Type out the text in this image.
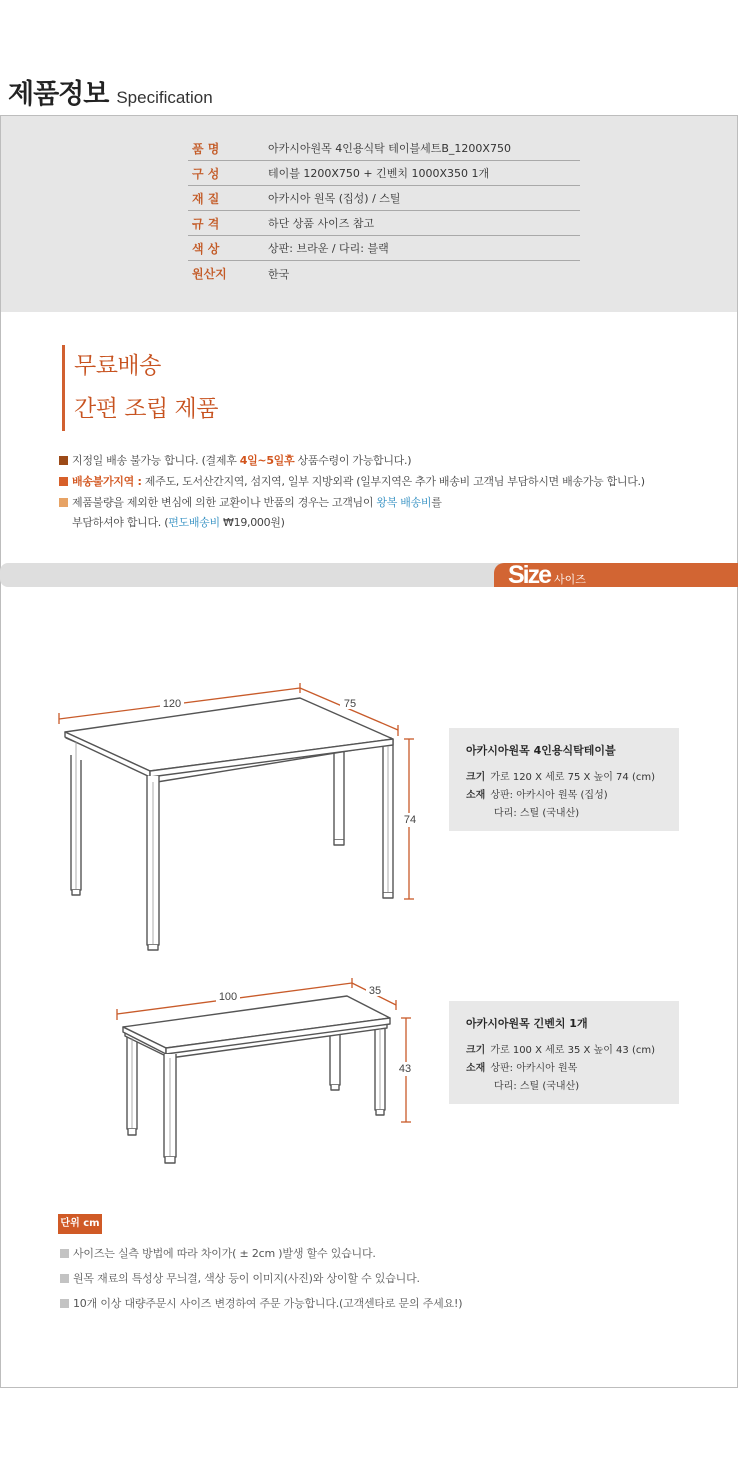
제품정보 Specification
품 명	아카시아원목 4인용식탁 테이블세트B_1200X750
구 성	테이블 1200X750 + 긴벤치 1000X350 1개
재 질	아카시아 원목 (집성) / 스틸
규 격	하단 상품 사이즈 참고
색 상	상판: 브라운 / 다리: 블랙
원산지	한국
무료배송
간편 조립 제품
지정일 배송 불가능 합니다. (결제후 4일~5일후 상품수령이 가능합니다.)
배송불가지역 : 제주도, 도서산간지역, 섬지역, 일부 지방외곽 (일부지역은 추가 배송비 고객님 부담하시면 배송가능 합니다.)
제품불량을 제외한 변심에 의한 교환이나 반품의 경우는 고객님이 왕복 배송비를
부담하셔야 합니다. (편도배송비 ₩19,000원)
Size 사이즈
120	75
74
100	35
43
아카시아원목 4인용식탁테이블
크기 가로 120 X 세로 75 X 높이 74 (cm)
소재 상판: 아카시아 원목 (집성)
다리: 스틸 (국내산)
아카시아원목 긴벤치 1개
크기 가로 100 X 세로 35 X 높이 43 (cm)
소재 상판: 아카시아 원목
다리: 스틸 (국내산)
단위 cm
사이즈는 실측 방법에 따라 차이가( ± 2cm )발생 할수 있습니다.
원목 재료의 특성상 무늬결, 색상 등이 이미지(사진)와 상이할 수 있습니다.
10개 이상 대량주문시 사이즈 변경하여 주문 가능합니다.(고객센타로 문의 주세요!)
